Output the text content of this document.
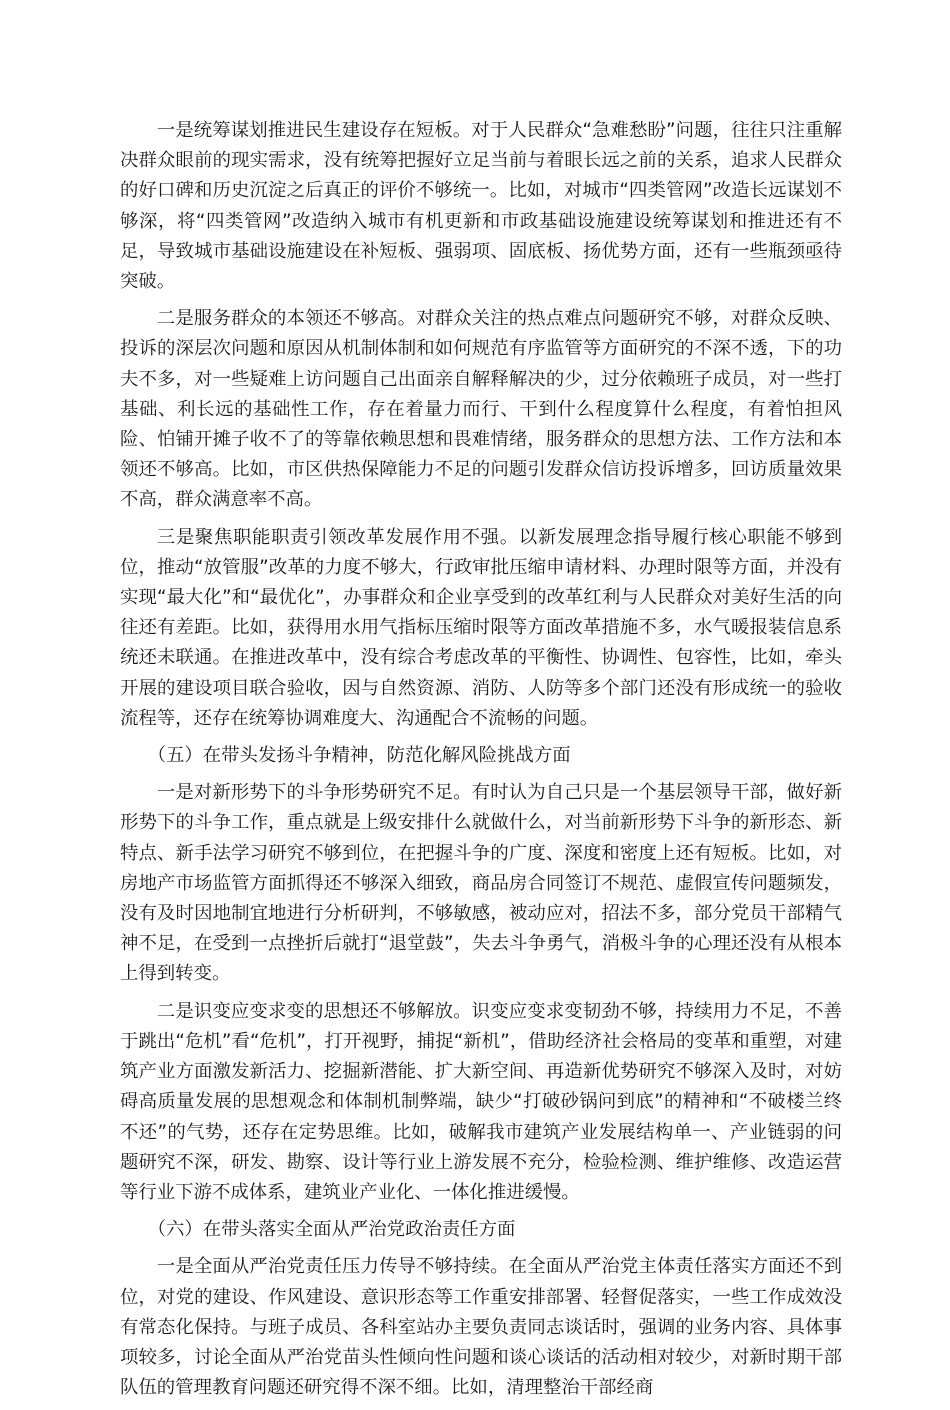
一是统筹谋划推进民生建设存在短板。对于人民群众“急难愁盼”问题，往往只注重解决群众眼前的现实需求，没有统筹把握好立足当前与着眼长远之前的关系，追求人民群众的好口碑和历史沉淀之后真正的评价不够统一。比如，对城市“四类管网”改造长远谋划不够深，将“四类管网”改造纳入城市有机更新和市政基础设施建设统筹谋划和推进还有不足，导致城市基础设施建设在补短板、强弱项、固底板、扬优势方面，还有一些瓶颈亟待突破。

二是服务群众的本领还不够高。对群众关注的热点难点问题研究不够，对群众反映、投诉的深层次问题和原因从机制体制和如何规范有序监管等方面研究的不深不透，下的功夫不多，对一些疑难上访问题自己出面亲自解释解决的少，过分依赖班子成员，对一些打基础、利长远的基础性工作，存在着量力而行、干到什么程度算什么程度，有着怕担风险、怕铺开摊子收不了的等靠依赖思想和畏难情绪，服务群众的思想方法、工作方法和本领还不够高。比如，市区供热保障能力不足的问题引发群众信访投诉增多，回访质量效果不高，群众满意率不高。

三是聚焦职能职责引领改革发展作用不强。以新发展理念指导履行核心职能不够到位，推动“放管服”改革的力度不够大，行政审批压缩申请材料、办理时限等方面，并没有实现“最大化”和“最优化”，办事群众和企业享受到的改革红利与人民群众对美好生活的向往还有差距。比如，获得用水用气指标压缩时限等方面改革措施不多，水气暖报装信息系统还未联通。在推进改革中，没有综合考虑改革的平衡性、协调性、包容性，比如，牵头开展的建设项目联合验收，因与自然资源、消防、人防等多个部门还没有形成统一的验收流程等，还存在统筹协调难度大、沟通配合不流畅的问题。

（五）在带头发扬斗争精神，防范化解风险挑战方面

一是对新形势下的斗争形势研究不足。有时认为自己只是一个基层领导干部，做好新形势下的斗争工作，重点就是上级安排什么就做什么，对当前新形势下斗争的新形态、新特点、新手法学习研究不够到位，在把握斗争的广度、深度和密度上还有短板。比如，对房地产市场监管方面抓得还不够深入细致，商品房合同签订不规范、虚假宣传问题频发，没有及时因地制宜地进行分析研判，不够敏感，被动应对，招法不多，部分党员干部精气神不足，在受到一点挫折后就打“退堂鼓”，失去斗争勇气，消极斗争的心理还没有从根本上得到转变。

二是识变应变求变的思想还不够解放。识变应变求变韧劲不够，持续用力不足，不善于跳出“危机”看“危机”，打开视野，捕捉“新机”，借助经济社会格局的变革和重塑，对建筑产业方面激发新活力、挖掘新潜能、扩大新空间、再造新优势研究不够深入及时，对妨碍高质量发展的思想观念和体制机制弊端，缺少“打破砂锅问到底”的精神和“不破楼兰终不还”的气势，还存在定势思维。比如，破解我市建筑产业发展结构单一、产业链弱的问题研究不深，研发、勘察、设计等行业上游发展不充分，检验检测、维护维修、改造运营等行业下游不成体系，建筑业产业化、一体化推进缓慢。

（六）在带头落实全面从严治党政治责任方面

一是全面从严治党责任压力传导不够持续。在全面从严治党主体责任落实方面还不到位，对党的建设、作风建设、意识形态等工作重安排部署、轻督促落实，一些工作成效没有常态化保持。与班子成员、各科室站办主要负责同志谈话时，强调的业务内容、具体事项较多，讨论全面从严治党苗头性倾向性问题和谈心谈话的活动相对较少，对新时期干部队伍的管理教育问题还研究得不深不细。比如，清理整治干部经商
